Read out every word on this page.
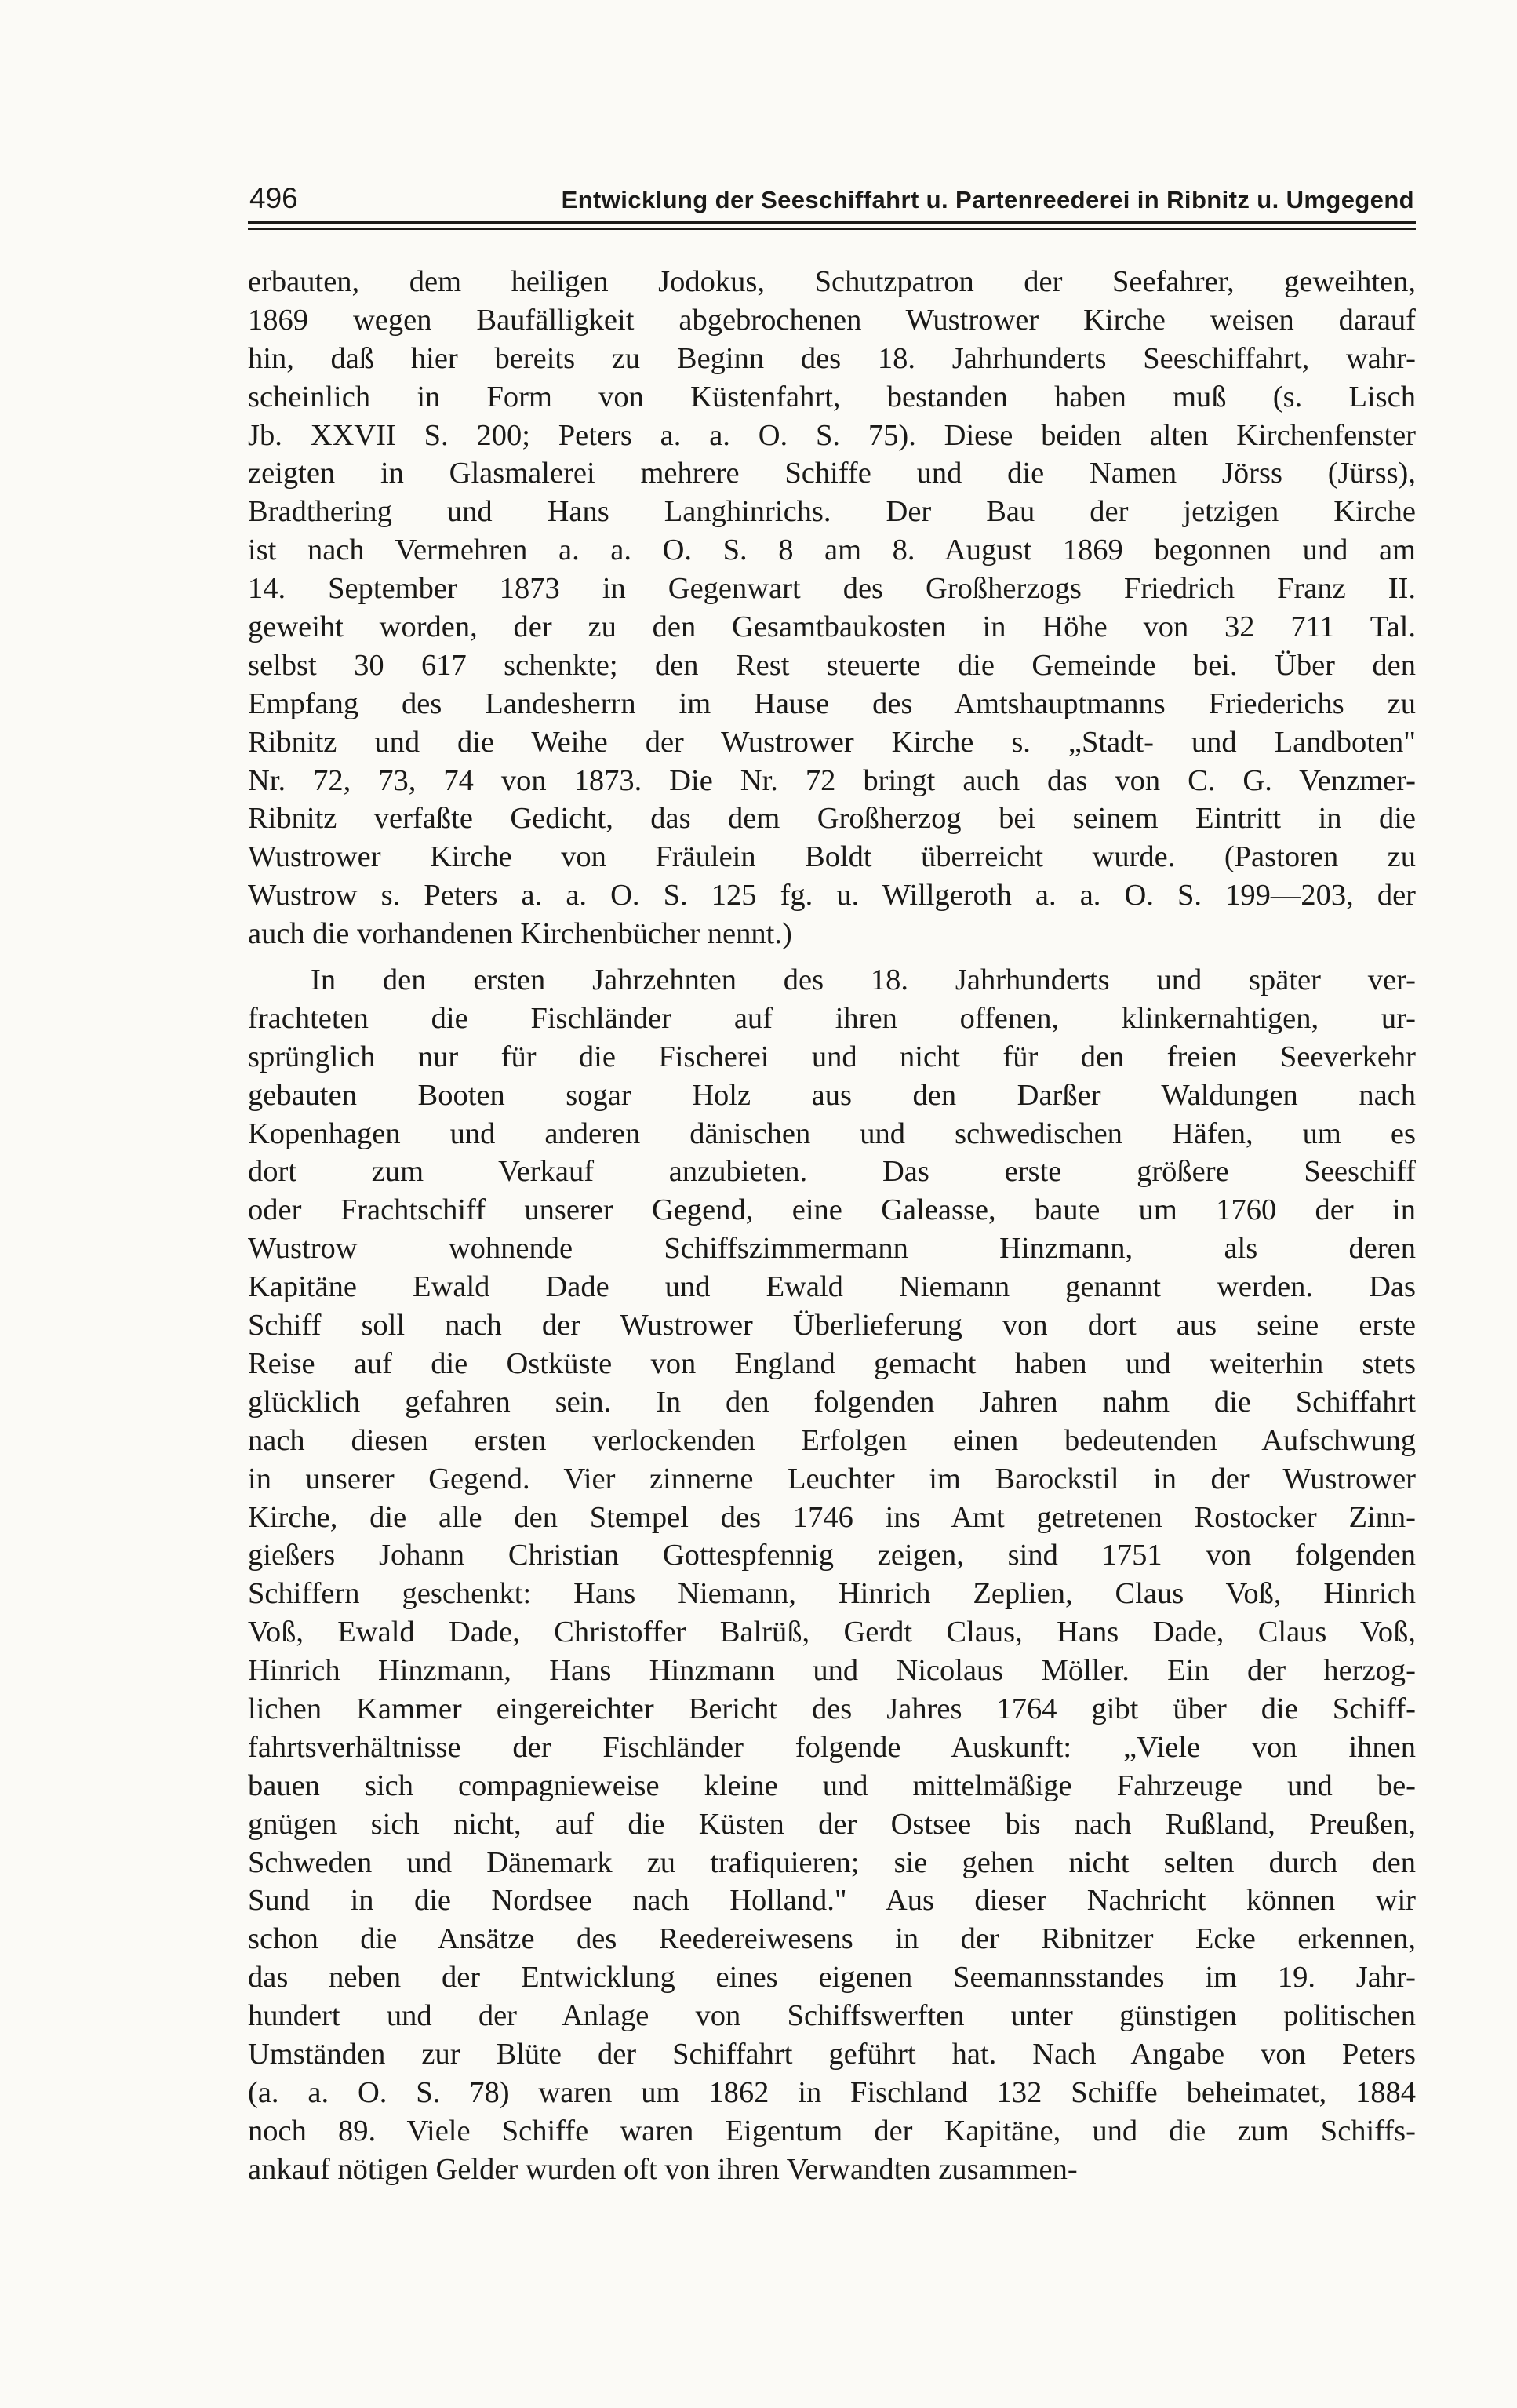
496	Entwicklung der Seeschiffahrt u. Partenreederei in Ribnitz u. Umgegend
erbauten, dem heiligen Jodokus, Schutzpatron der Seefahrer, geweihten,
1869 wegen Baufälligkeit abgebrochenen Wustrower Kirche weisen darauf
hin, daß hier bereits zu Beginn des 18. Jahrhunderts Seeschiffahrt, wahr-
scheinlich in Form von Küstenfahrt, bestanden haben muß (s. Lisch
Jb. XXVII S. 200; Peters a. a. O. S. 75). Diese beiden alten Kirchenfenster
zeigten in Glasmalerei mehrere Schiffe und die Namen Jörss (Jürss),
Bradthering und Hans Langhinrichs. Der Bau der jetzigen Kirche
ist nach Vermehren a. a. O. S. 8 am 8. August 1869 begonnen und am
14. September 1873 in Gegenwart des Großherzogs Friedrich Franz II.
geweiht worden, der zu den Gesamtbaukosten in Höhe von 32 711 Tal.
selbst 30 617 schenkte; den Rest steuerte die Gemeinde bei. Über den
Empfang des Landesherrn im Hause des Amtshauptmanns Friederichs zu
Ribnitz und die Weihe der Wustrower Kirche s. „Stadt- und Landboten"
Nr. 72, 73, 74 von 1873. Die Nr. 72 bringt auch das von C. G. Venzmer-
Ribnitz verfaßte Gedicht, das dem Großherzog bei seinem Eintritt in die
Wustrower Kirche von Fräulein Boldt überreicht wurde. (Pastoren zu
Wustrow s. Peters a. a. O. S. 125 fg. u. Willgeroth a. a. O. S. 199—203, der
auch die vorhandenen Kirchenbücher nennt.)
In den ersten Jahrzehnten des 18. Jahrhunderts und später ver-
frachteten die Fischländer auf ihren offenen, klinkernahtigen, ur-
sprünglich nur für die Fischerei und nicht für den freien Seeverkehr
gebauten Booten sogar Holz aus den Darßer Waldungen nach
Kopenhagen und anderen dänischen und schwedischen Häfen, um es
dort zum Verkauf anzubieten. Das erste größere Seeschiff
oder Frachtschiff unserer Gegend, eine Galeasse, baute um 1760 der in
Wustrow wohnende Schiffszimmermann Hinzmann, als deren
Kapitäne Ewald Dade und Ewald Niemann genannt werden. Das
Schiff soll nach der Wustrower Überlieferung von dort aus seine erste
Reise auf die Ostküste von England gemacht haben und weiterhin stets
glücklich gefahren sein. In den folgenden Jahren nahm die Schiffahrt
nach diesen ersten verlockenden Erfolgen einen bedeutenden Aufschwung
in unserer Gegend. Vier zinnerne Leuchter im Barockstil in der Wustrower
Kirche, die alle den Stempel des 1746 ins Amt getretenen Rostocker Zinn-
gießers Johann Christian Gottespfennig zeigen, sind 1751 von folgenden
Schiffern geschenkt: Hans Niemann, Hinrich Zeplien, Claus Voß, Hinrich
Voß, Ewald Dade, Christoffer Balrüß, Gerdt Claus, Hans Dade, Claus Voß,
Hinrich Hinzmann, Hans Hinzmann und Nicolaus Möller. Ein der herzog-
lichen Kammer eingereichter Bericht des Jahres 1764 gibt über die Schiff-
fahrtsverhältnisse der Fischländer folgende Auskunft: „Viele von ihnen
bauen sich compagnieweise kleine und mittelmäßige Fahrzeuge und be-
gnügen sich nicht, auf die Küsten der Ostsee bis nach Rußland, Preußen,
Schweden und Dänemark zu trafiquieren; sie gehen nicht selten durch den
Sund in die Nordsee nach Holland." Aus dieser Nachricht können wir
schon die Ansätze des Reedereiwesens in der Ribnitzer Ecke erkennen,
das neben der Entwicklung eines eigenen Seemannsstandes im 19. Jahr-
hundert und der Anlage von Schiffswerften unter günstigen politischen
Umständen zur Blüte der Schiffahrt geführt hat. Nach Angabe von Peters
(a. a. O. S. 78) waren um 1862 in Fischland 132 Schiffe beheimatet, 1884
noch 89. Viele Schiffe waren Eigentum der Kapitäne, und die zum Schiffs-
ankauf nötigen Gelder wurden oft von ihren Verwandten zusammen-
